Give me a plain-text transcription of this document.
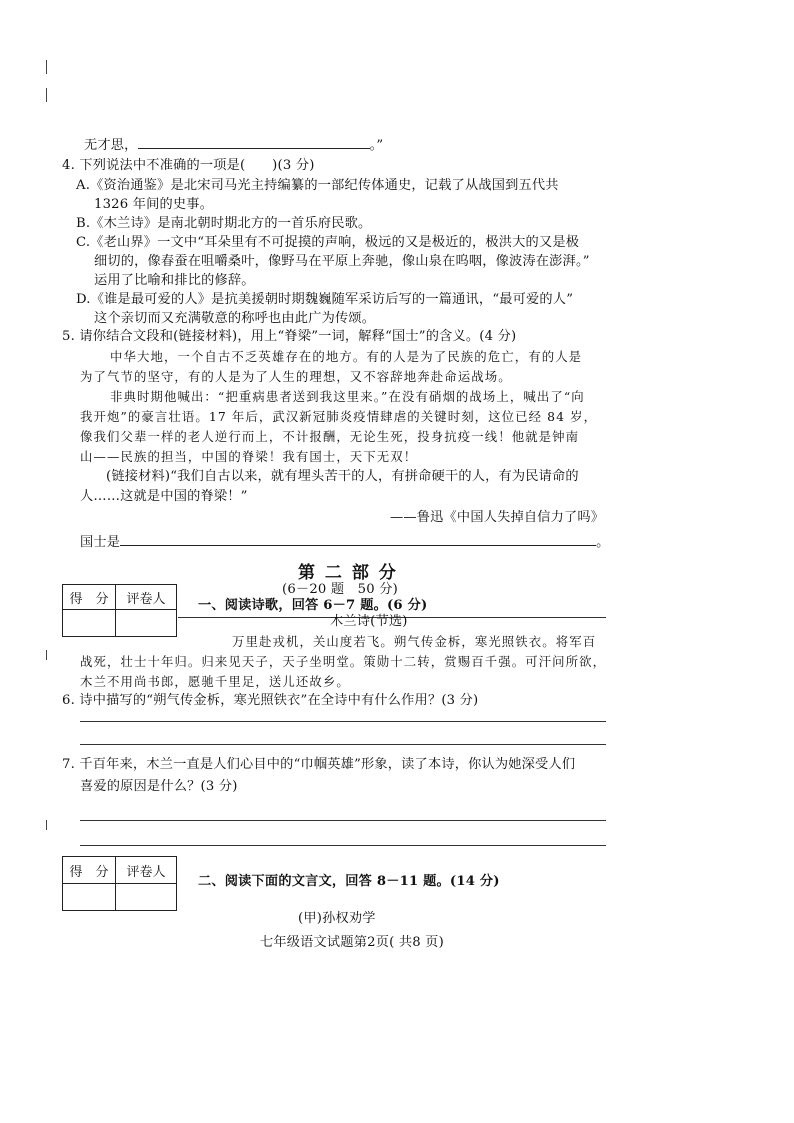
无才思，	。”
4. 下列说法中不准确的一项是(　　)(3 分)
A.《资治通鉴》是北宋司马光主持编纂的一部纪传体通史，记载了从战国到五代共
1326 年间的史事。
B.《木兰诗》是南北朝时期北方的一首乐府民歌。
C.《老山界》一文中“耳朵里有不可捉摸的声响，极远的又是极近的，极洪大的又是极
细切的，像春蚕在咀嚼桑叶，像野马在平原上奔驰，像山泉在呜咽，像波涛在澎湃。”
运用了比喻和排比的修辞。
D.《谁是最可爱的人》是抗美援朝时期魏巍随军采访后写的一篇通讯，“最可爱的人”
这个亲切而又充满敬意的称呼也由此广为传颂。
5. 请你结合文段和(链接材料)，用上“脊梁”一词，解释“国士”的含义。(4 分)
中华大地，一个自古不乏英雄存在的地方。有的人是为了民族的危亡，有的人是
为了气节的坚守，有的人是为了人生的理想，又不容辞地奔赴命运战场。
非典时期他喊出：“把重病患者送到我这里来。”在没有硝烟的战场上，喊出了“向
我开炮”的豪言壮语。17 年后，武汉新冠肺炎疫情肆虐的关键时刻，这位已经 84 岁，
像我们父辈一样的老人逆行而上，不计报酬，无论生死，投身抗疫一线！他就是钟南
山——民族的担当，中国的脊梁！我有国士，天下无双！
(链接材料)“我们自古以来，就有埋头苦干的人，有拼命硬干的人，有为民请命的
人……这就是中国的脊梁！”
——鲁迅《中国人失掉自信力了吗》
国士是	。
第 二 部 分
(6－20 题　50 分)
得　分	评卷人
	一、阅读诗歌，回答 6－7 题。(6 分)
木兰诗(节选)
万里赴戎机，关山度若飞。朔气传金柝，寒光照铁衣。将军百
战死，壮士十年归。归来见天子，天子坐明堂。策勋十二转，赏赐百千强。可汗问所欲，
木兰不用尚书郎，愿驰千里足，送儿还故乡。
6. 诗中描写的“朔气传金柝，寒光照铁衣”在全诗中有什么作用？(3 分)
7. 千百年来，木兰一直是人们心目中的“巾帼英雄”形象，读了本诗，你认为她深受人们
喜爱的原因是什么？(3 分)
得　分	评卷人

二、阅读下面的文言文，回答 8－11 题。(14 分)
(甲)孙权劝学
七年级语文试题第2页( 共8 页)
